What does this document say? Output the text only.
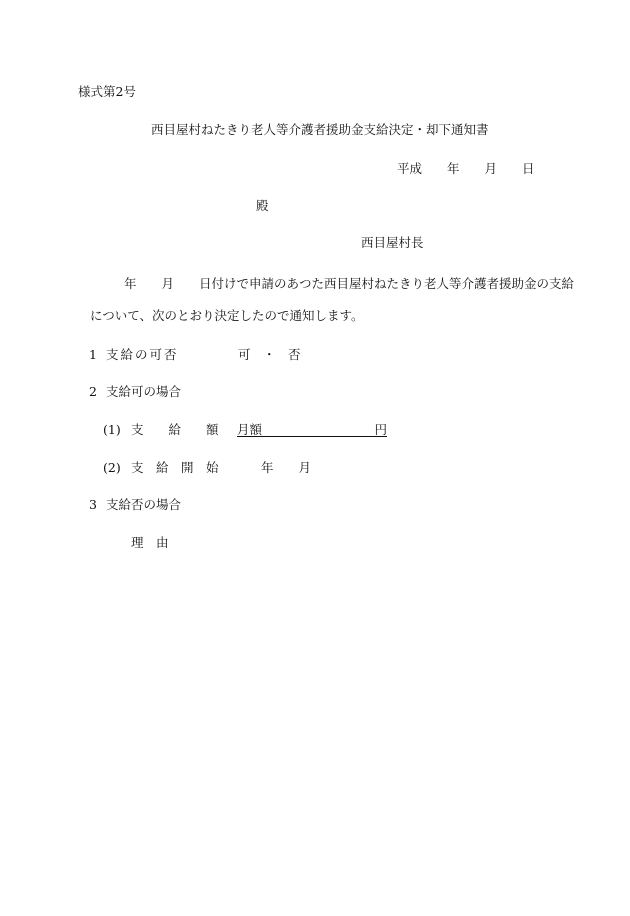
様式第2号
西目屋村ねたきり老人等介護者援助金支給決定・却下通知書
平成　　年　　月　　日
殿
西目屋村長
年　　月　　日付けで申請のあつた西目屋村ねたきり老人等介護者援助金の支給
について、次のとおり決定したので通知します。
1 支給の可否	可　・　否
2 支給可の場合
(1) 支　　給　　額 月額　　　　　　　　　円
(2) 支　給　開　始	年　　月
3 支給否の場合
理　由
